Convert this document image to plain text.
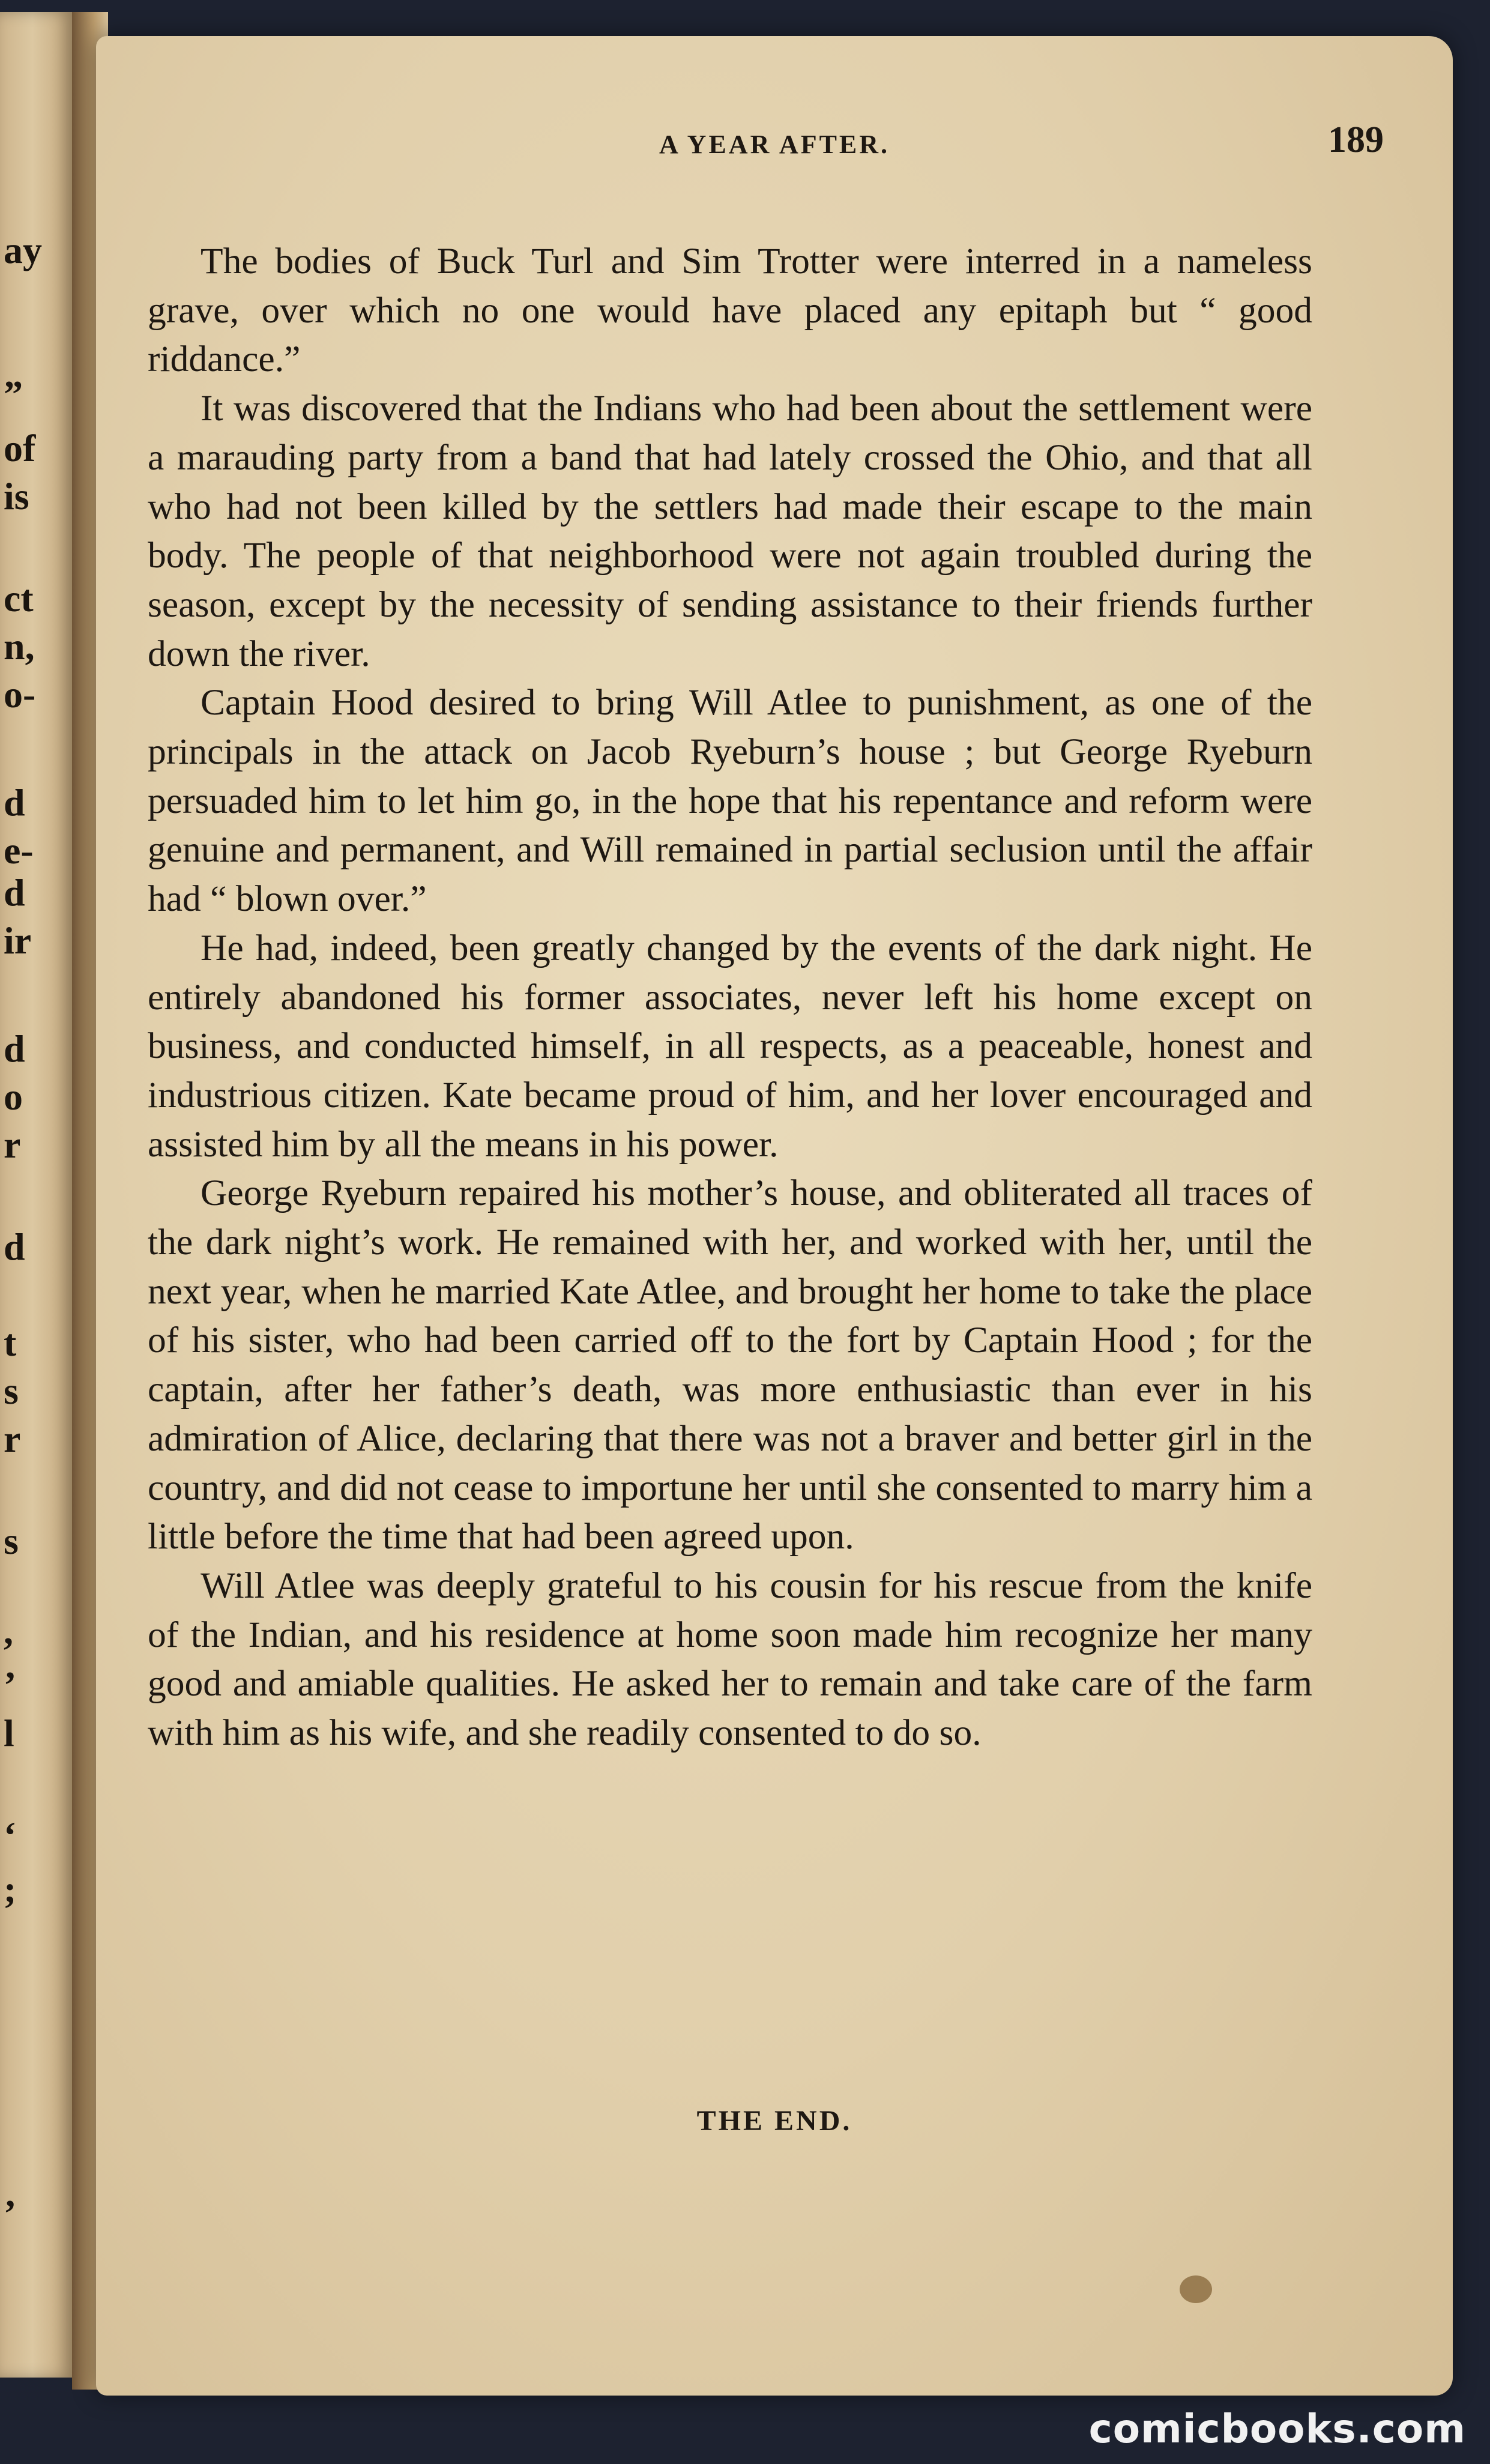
ay
”
of
is
ct
n,
o-
d
e-
d
ir
d
o
r
d
t
s
r
s
,
’
l
‘
;
’
A YEAR AFTER.	189

The bodies of Buck Turl and Sim Trotter were interred in a nameless grave, over which no one would have placed any epitaph but “ good riddance.”

It was discovered that the Indians who had been about the settlement were a marauding party from a band that had lately crossed the Ohio, and that all who had not been killed by the settlers had made their escape to the main body. The people of that neighborhood were not again troubled during the season, except by the necessity of sending assistance to their friends further down the river.

Captain Hood desired to bring Will Atlee to punishment, as one of the principals in the attack on Jacob Ryeburn’s house ; but George Ryeburn persuaded him to let him go, in the hope that his repentance and reform were genuine and permanent, and Will remained in partial seclusion until the affair had “ blown over.”

He had, indeed, been greatly changed by the events of the dark night. He entirely abandoned his former associates, never left his home except on business, and conducted himself, in all respects, as a peaceable, honest and industrious citizen. Kate became proud of him, and her lover encouraged and assisted him by all the means in his power.

George Ryeburn repaired his mother’s house, and obliterated all traces of the dark night’s work. He remained with her, and worked with her, until the next year, when he married Kate Atlee, and brought her home to take the place of his sister, who had been carried off to the fort by Captain Hood ; for the captain, after her father’s death, was more enthusiastic than ever in his admiration of Alice, declaring that there was not a braver and better girl in the country, and did not cease to importune her until she consented to marry him a little before the time that had been agreed upon.

Will Atlee was deeply grateful to his cousin for his rescue from the knife of the Indian, and his residence at home soon made him recognize her many good and amiable qualities. He asked her to remain and take care of the farm with him as his wife, and she readily consented to do so.

THE END.
comicbooks.com
